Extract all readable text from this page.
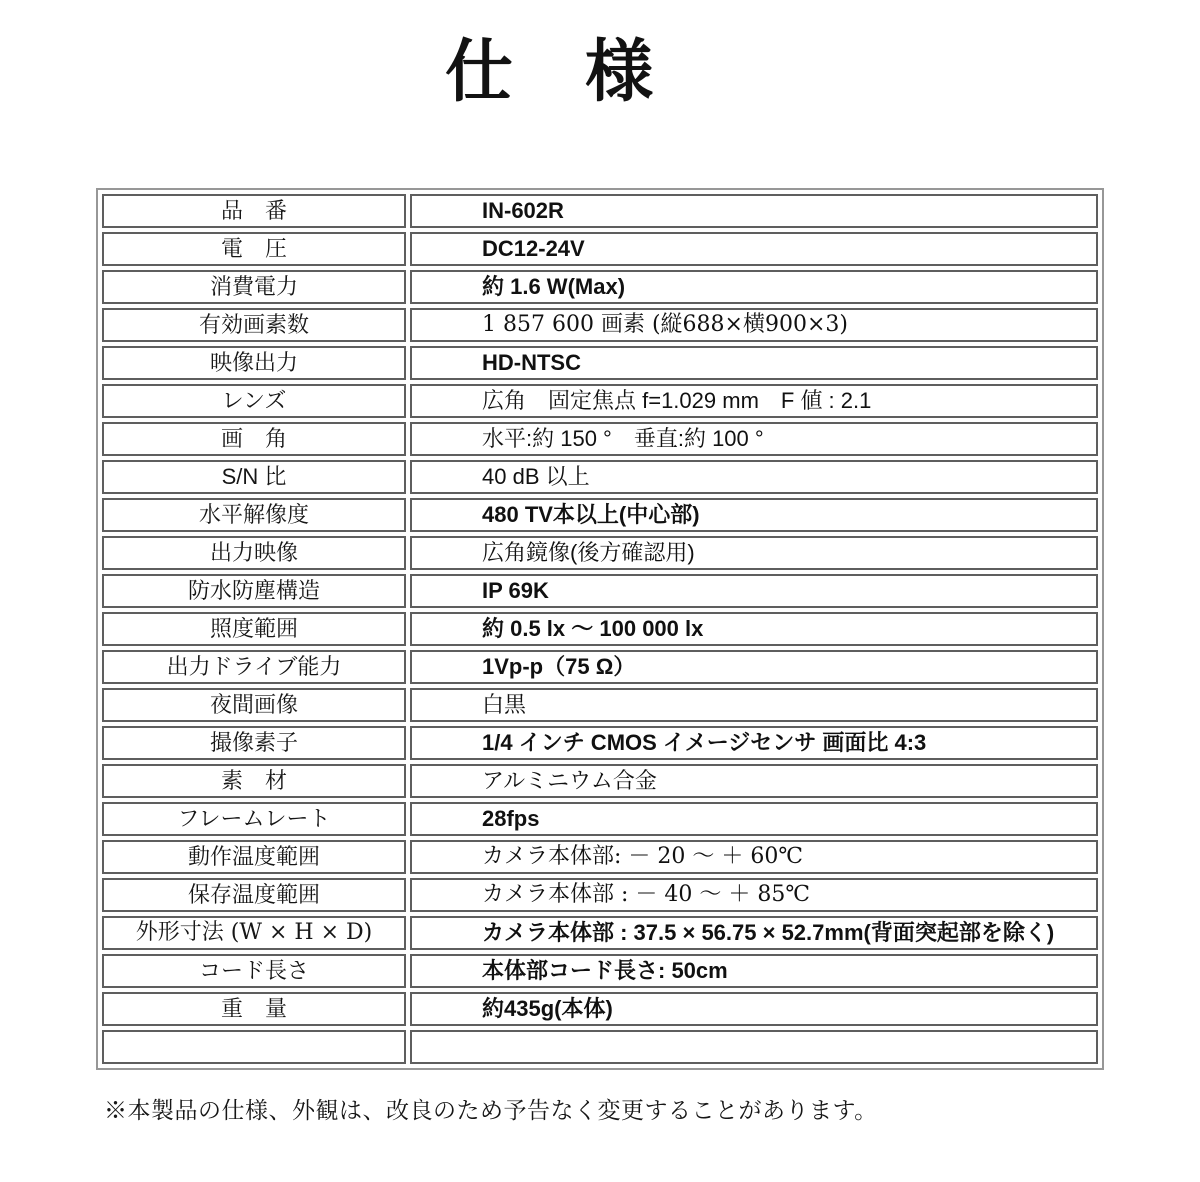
仕　様
品　番	IN-602R
電　圧	DC12-24V
消費電力	約 1.6 W(Max)
有効画素数	1 857 600 画素 (縦688×横900×3)
映像出力	HD-NTSC
レンズ	広角　固定焦点 f=1.029 mm　F 値 : 2.1
画　角	水平:約 150 °　垂直:約 100 °
S/N 比	40 dB 以上
水平解像度	480 TV本以上(中心部)
出力映像	広角鏡像(後方確認用)
防水防塵構造	IP 69K
照度範囲	約 0.5 lx ～ 100 000 lx
出力ドライブ能力	1Vp-p（75 Ω）
夜間画像	白黒
撮像素子	1/4 インチ CMOS イメージセンサ 画面比 4:3
素　材	アルミニウム合金
フレームレート	28fps
動作温度範囲	カメラ本体部: － 20 ～ ＋ 60℃
保存温度範囲	カメラ本体部 : － 40 ～ ＋ 85℃
外形寸法 (W × H × D)	カメラ本体部 : 37.5 × 56.75 × 52.7mm(背面突起部を除く)
コード長さ	本体部コード長さ: 50cm
重　量	約435g(本体)

※本製品の仕様、外観は、改良のため予告なく変更することがあります。
